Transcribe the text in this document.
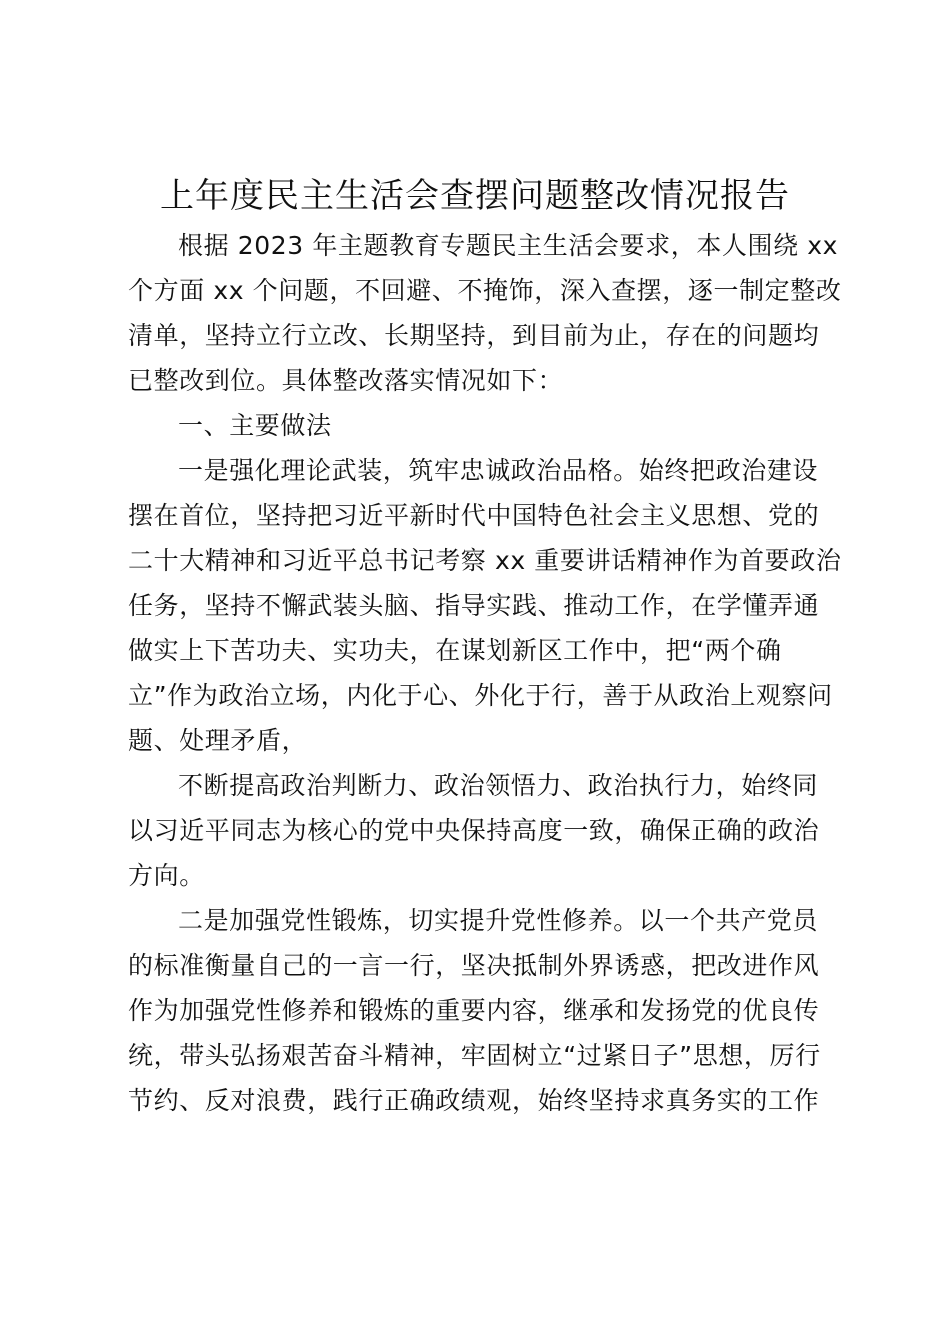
上年度民主生活会查摆问题整改情况报告
根据 2023 年主题教育专题民主生活会要求，本人围绕 xx
个方面 xx 个问题，不回避、不掩饰，深入查摆，逐一制定整改
清单，坚持立行立改、长期坚持，到目前为止，存在的问题均
已整改到位。具体整改落实情况如下：
一、主要做法
一是强化理论武装，筑牢忠诚政治品格。始终把政治建设
摆在首位，坚持把习近平新时代中国特色社会主义思想、党的
二十大精神和习近平总书记考察 xx 重要讲话精神作为首要政治
任务，坚持不懈武装头脑、指导实践、推动工作，在学懂弄通
做实上下苦功夫、实功夫，在谋划新区工作中，把“两个确
立”作为政治立场，内化于心、外化于行，善于从政治上观察问
题、处理矛盾，
不断提高政治判断力、政治领悟力、政治执行力，始终同
以习近平同志为核心的党中央保持高度一致，确保正确的政治
方向。
二是加强党性锻炼，切实提升党性修养。以一个共产党员
的标准衡量自己的一言一行，坚决抵制外界诱惑，把改进作风
作为加强党性修养和锻炼的重要内容，继承和发扬党的优良传
统，带头弘扬艰苦奋斗精神，牢固树立“过紧日子”思想，厉行
节约、反对浪费，践行正确政绩观，始终坚持求真务实的工作
